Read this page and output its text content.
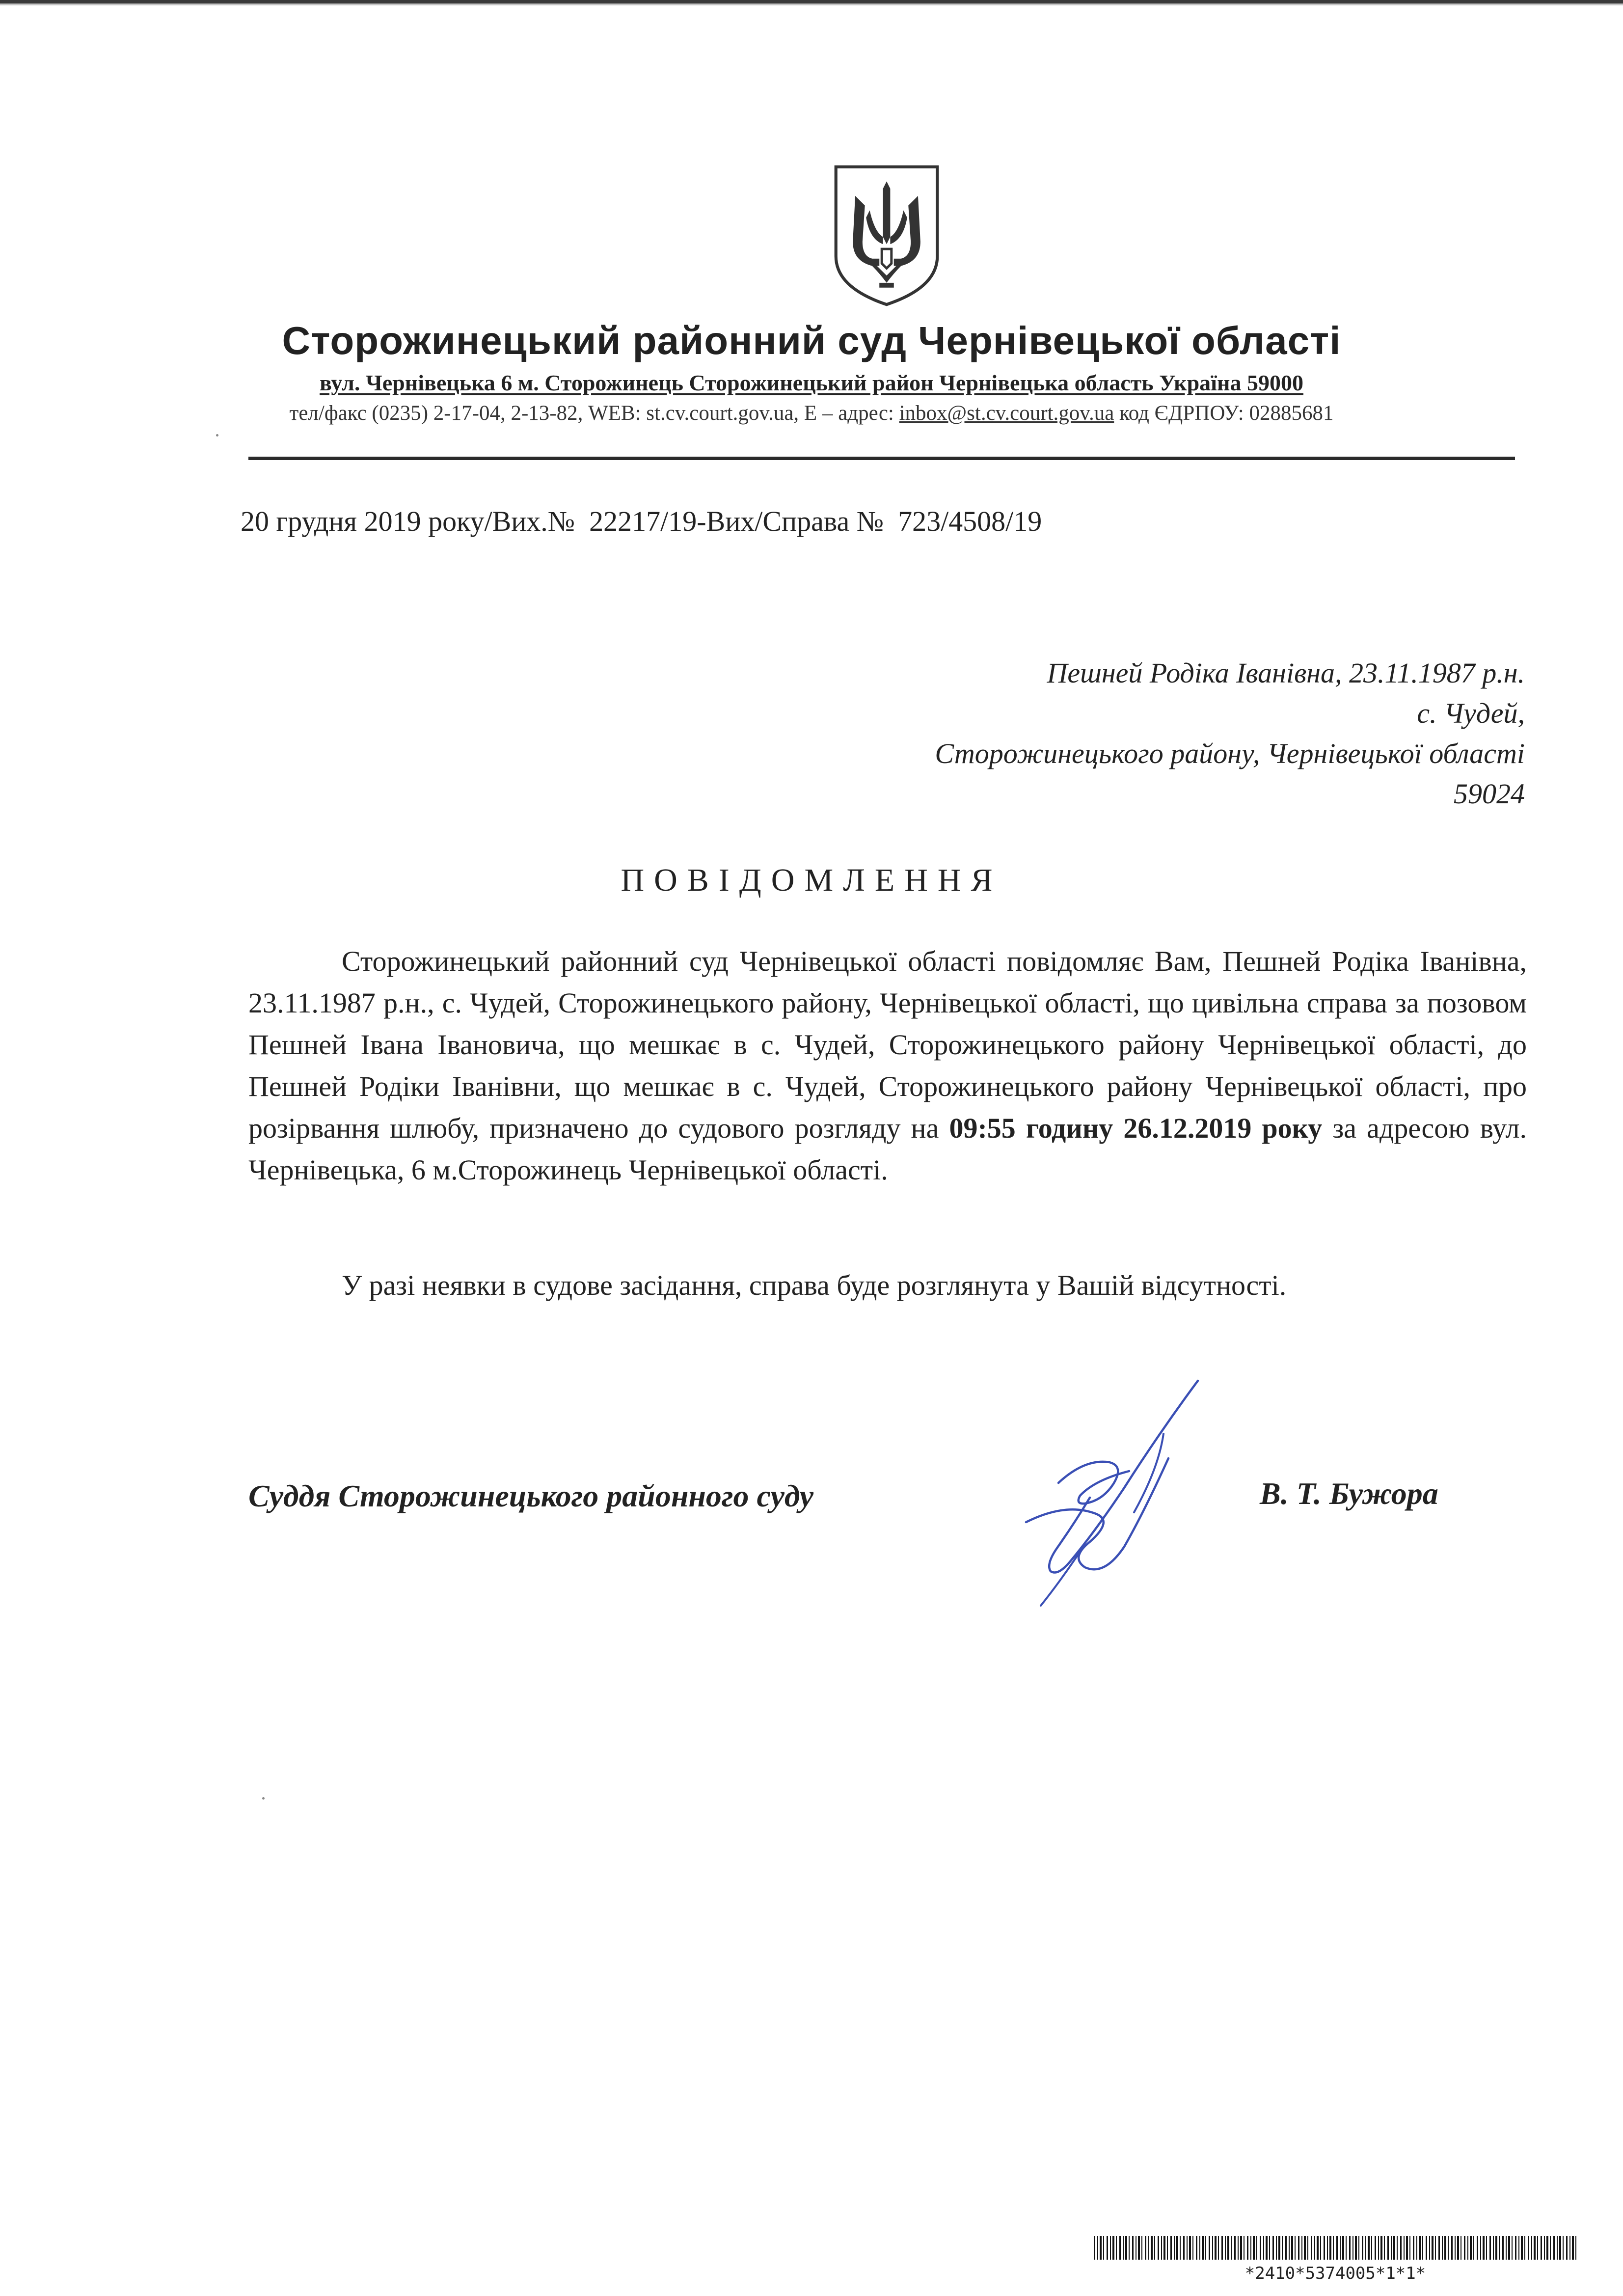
Сторожинецький районний суд Чернівецької області
вул. Чернівецька 6 м. Сторожинець Сторожинецький район Чернівецька область Україна 59000
тел/факс (0235) 2-17-04, 2-13-82, WEB: st.cv.court.gov.ua, E – адрес: inbox@st.cv.court.gov.ua код ЄДРПОУ: 02885681
20 грудня 2019 року/Вих.№  22217/19-Вих/Справа №  723/4508/19
Пешней Родіка Іванівна, 23.11.1987 р.н.
с. Чудей,
Сторожинецького району, Чернівецької області
59024
ПОВІДОМЛЕННЯ
Сторожинецький районний суд Чернівецької області повідомляє Вам, Пешней Родіка Іванівна, 23.11.1987 р.н., с. Чудей, Сторожинецького району, Чернівецької області, що цивільна справа за позовом Пешней Івана Івановича, що мешкає в с. Чудей, Сторожинецького району Чернівецької області, до Пешней Родіки Іванівни, що мешкає в с. Чудей, Сторожинецького району Чернівецької області, про розірвання шлюбу, призначено до судового розгляду на 09:55 годину 26.12.2019 року за адресою вул. Чернівецька, 6 м.Сторожинець Чернівецької області.
У разі неявки в судове засідання, справа буде розглянута у Вашій відсутності.
Суддя Сторожинецького районного суду	В. Т. Бужора
*2410*5374005*1*1*
